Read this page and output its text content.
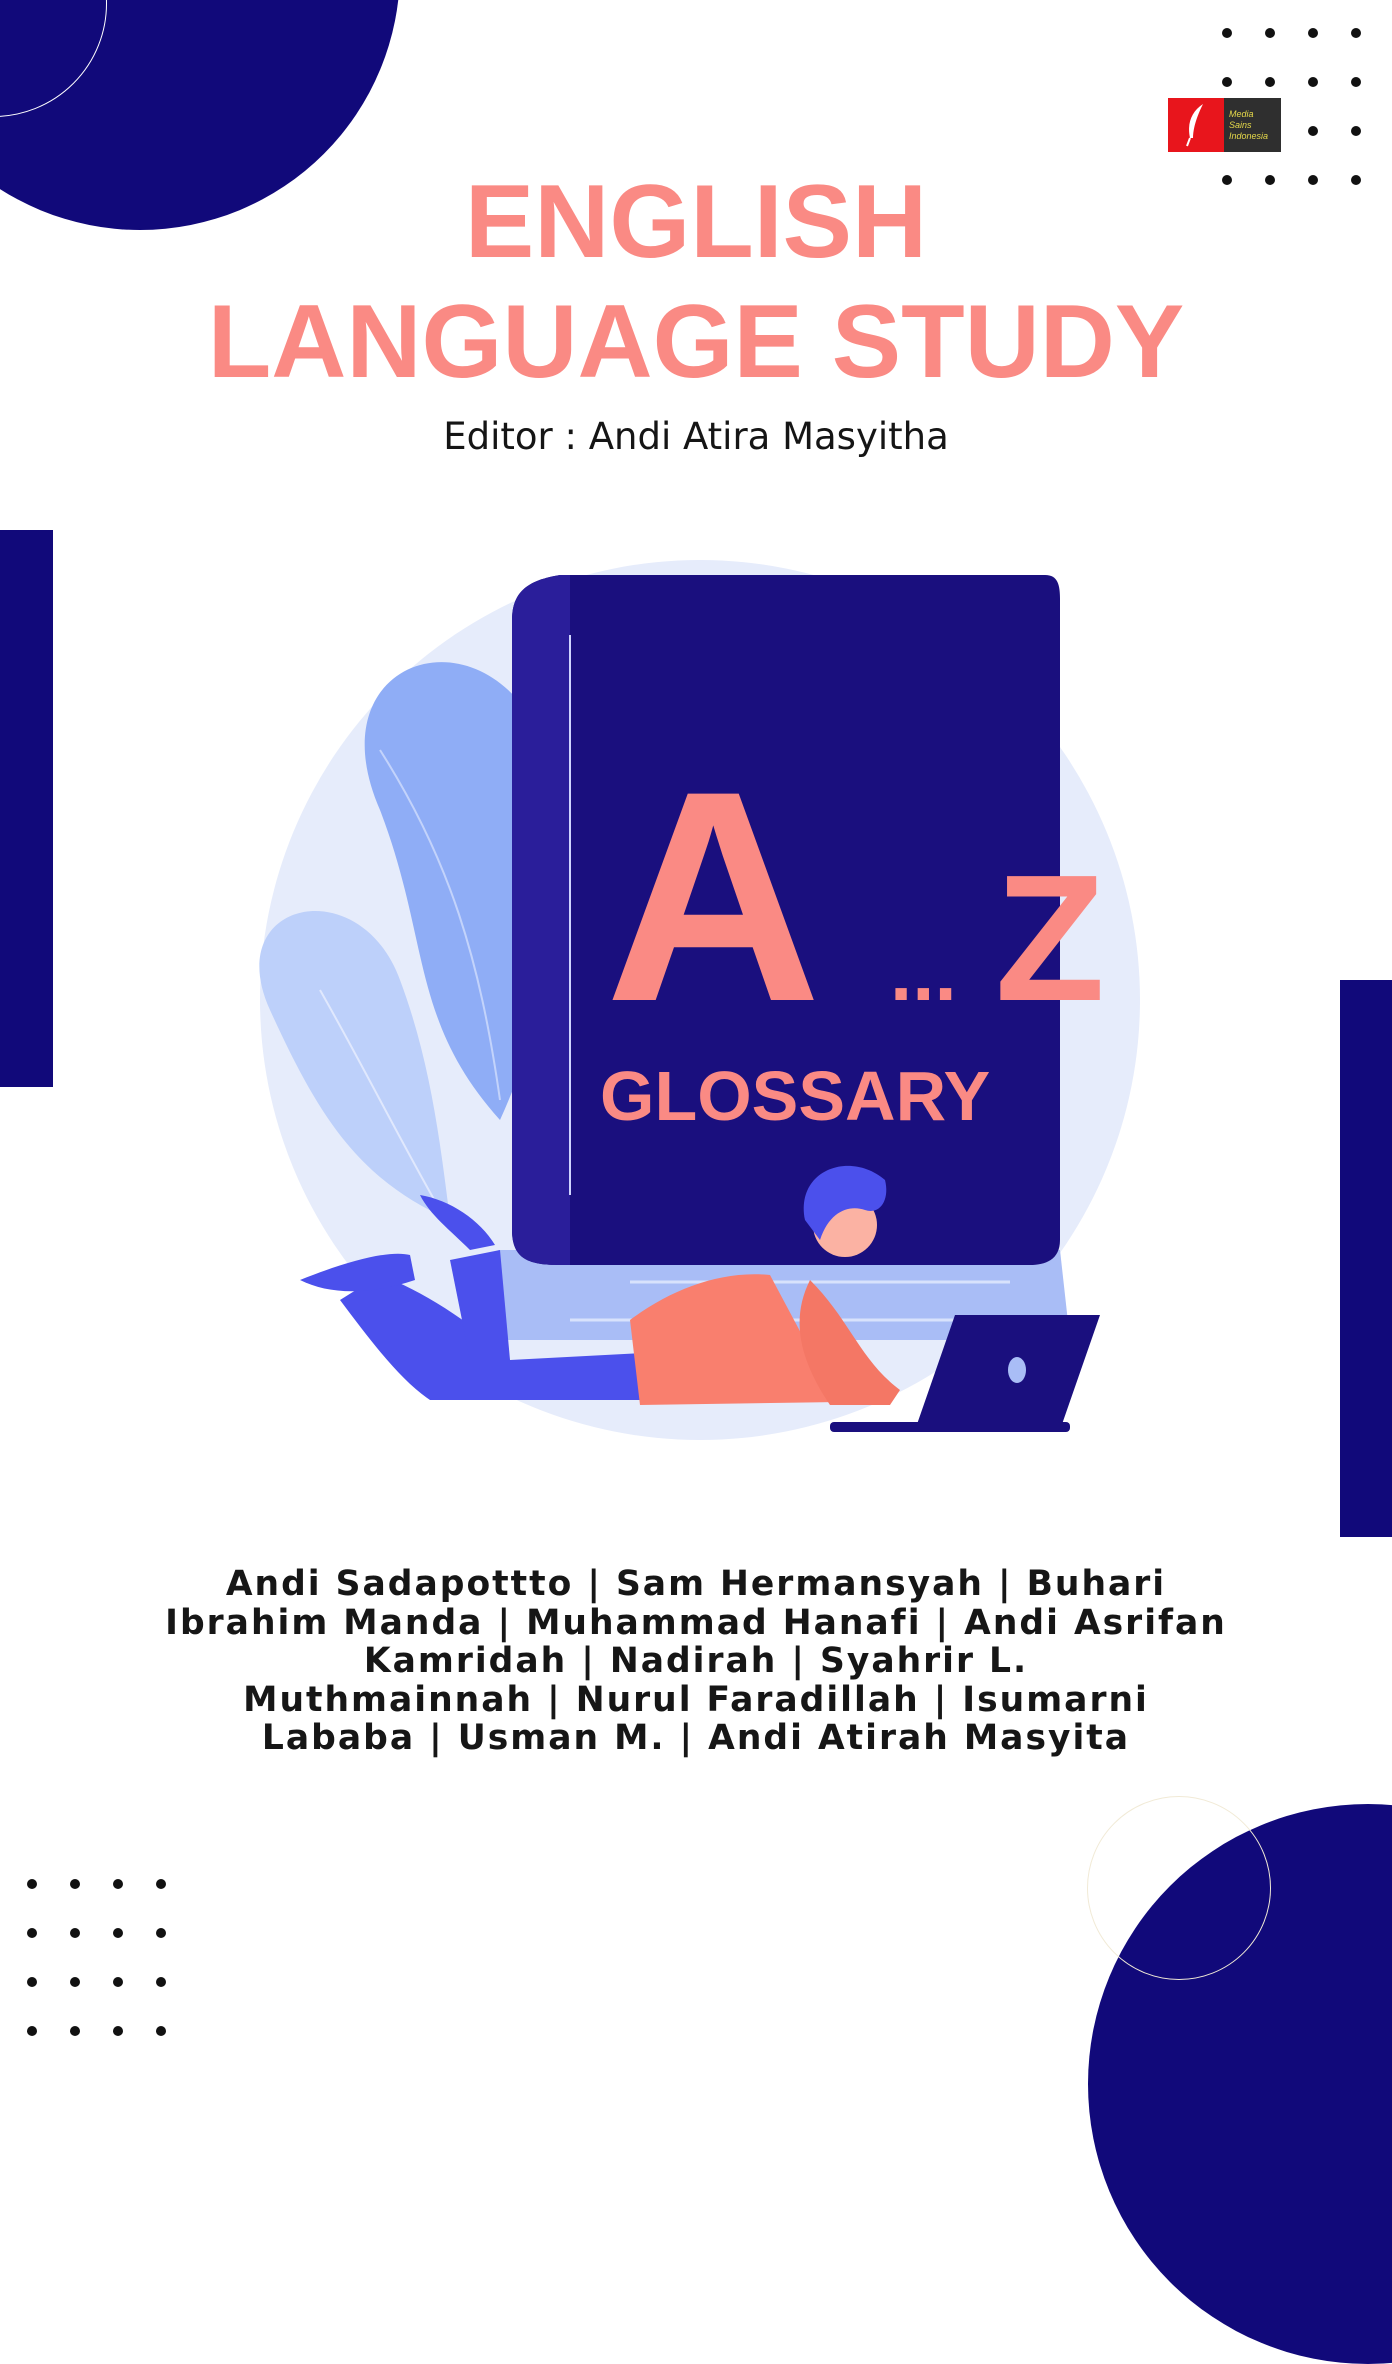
Media
Sains
Indonesia
ENGLISH
LANGUAGE STUDY
Editor : Andi Atira Masyitha
A ... Z
GLOSSARY
Andi Sadapottto | Sam Hermansyah | Buhari
Ibrahim Manda | Muhammad Hanafi | Andi Asrifan
Kamridah | Nadirah | Syahrir L.
Muthmainnah | Nurul Faradillah | Isumarni
Lababa | Usman M. | Andi Atirah Masyita
